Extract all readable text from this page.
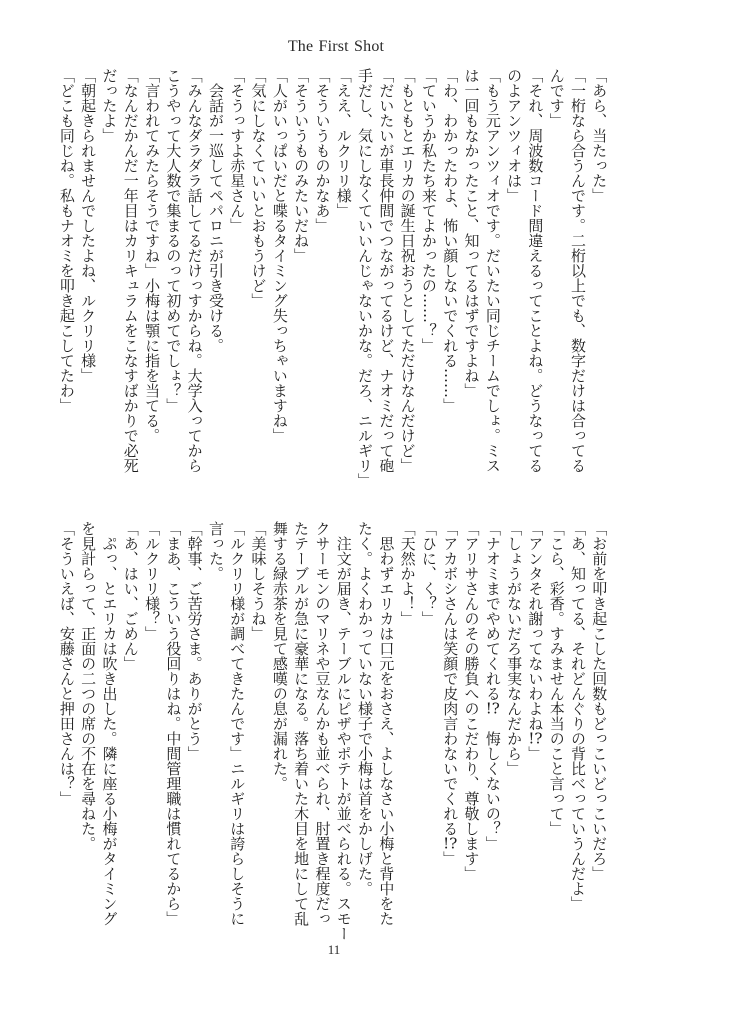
The First Shot
「あら、当たった」
「一桁なら合うんです。二桁以上でも、数字だけは合ってる
んです」
「それ、周波数コード間違えるってことよね。どうなってる
のよアンツィオは」
「もう元アンツィオです。だいたい同じチームでしょ。ミス
は一回もなかったこと、知ってるはずですよね」
「わ、わかったわよ、怖い顔しないでくれる……」
「ていうか私たち来てよかったの……？」
「もともとエリカの誕生日祝おうとしてただけなんだけど」
「だいたいが車長仲間でつながってるけど、ナオミだって砲
手だし、気にしなくていいんじゃないかな。だろ、ニルギリ」
「ええ、ルクリリ様」
「そういうものかなあ」
「そういうものみたいだね」
「人がいっぱいだと喋るタイミング失っちゃいますね」
「気にしなくていいとおもうけど」
「そうっすよ赤星さん」
　会話が一巡してペパロニが引き受ける。
「みんなダラダラ話してるだけっすからね。大学入ってから
こうやって大人数で集まるのって初めてでしょ？」
「言われてみたらそうですね」小梅は顎に指を当てる。
「なんだかんだ一年目はカリキュラムをこなすばかりで必死
だったよ」
「朝起きられませんでしたよね、ルクリリ様」
「どこも同じね。私もナオミを叩き起こしてたわ」
「お前を叩き起こした回数もどっこいどっこいだろ」
「あ、知ってる、それどんぐりの背比べっていうんだよ」
「こら、彩香。すみません本当のこと言って」
「アンタそれ謝ってないわよね!?」
「しょうがないだろ事実なんだから」
「ナオミまでやめてくれる!?　悔しくないの？」
「アリサさんのその勝負へのこだわり、尊敬します」
「アカボシさんは笑顔で皮肉言わないでくれる!?」
「ひに、く？」
「天然かよ！」
　思わずエリカは口元をおさえ、よしなさい小梅と背中をた
たく。よくわかっていない様子で小梅は首をかしげた。
　注文が届き、テーブルにピザやポテトが並べられる。スモー
クサーモンのマリネや豆なんかも並べられ、肘置き程度だっ
たテーブルが急に豪華になる。落ち着いた木目を地にして乱
舞する緑赤茶を見て感嘆の息が漏れた。
「美味しそうね」
「ルクリリ様が調べてきたんです」ニルギリは誇らしそうに
言った。
「幹事、ご苦労さま。ありがとう」
「まあ、こういう役回りはね。中間管理職は慣れてるから」
「ルクリリ様？」
「あ、はい、ごめん」
　ぷっ、とエリカは吹き出した。隣に座る小梅がタイミング
を見計らって、正面の二つの席の不在を尋ねた。
「そういえば、安藤さんと押田さんは？」
11
